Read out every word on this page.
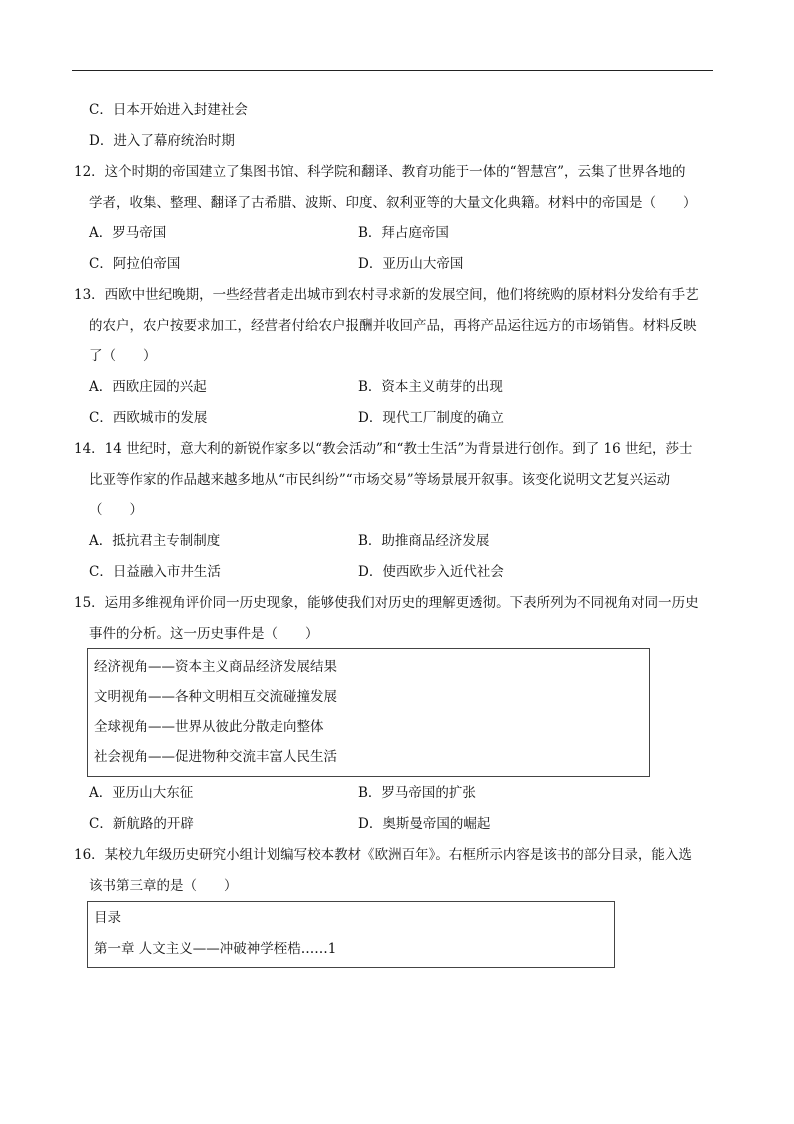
C．日本开始进入封建社会
D．进入了幕府统治时期
12．这个时期的帝国建立了集图书馆、科学院和翻译、教育功能于一体的“智慧宫”，云集了世界各地的
学者，收集、整理、翻译了古希腊、波斯、印度、叙利亚等的大量文化典籍。材料中的帝国是（　　）
A．罗马帝国	B．拜占庭帝国
C．阿拉伯帝国	D．亚历山大帝国
13．西欧中世纪晚期，一些经营者走出城市到农村寻求新的发展空间，他们将统购的原材料分发给有手艺
的农户，农户按要求加工，经营者付给农户报酬并收回产品，再将产品运往远方的市场销售。材料反映
了（　　）
A．西欧庄园的兴起	B．资本主义萌芽的出现
C．西欧城市的发展	D．现代工厂制度的确立
14．14 世纪时，意大利的新锐作家多以“教会活动”和“教士生活”为背景进行创作。到了 16 世纪，莎士
比亚等作家的作品越来越多地从“市民纠纷”“市场交易”等场景展开叙事。该变化说明文艺复兴运动
（　　）
A．抵抗君主专制制度	B．助推商品经济发展
C．日益融入市井生活	D．使西欧步入近代社会
15．运用多维视角评价同一历史现象，能够使我们对历史的理解更透彻。下表所列为不同视角对同一历史
事件的分析。这一历史事件是（　　）
经济视角——资本主义商品经济发展结果
文明视角——各种文明相互交流碰撞发展
全球视角——世界从彼此分散走向整体
社会视角——促进物种交流丰富人民生活
A．亚历山大东征	B．罗马帝国的扩张
C．新航路的开辟	D．奥斯曼帝国的崛起
16．某校九年级历史研究小组计划编写校本教材《欧洲百年》。右框所示内容是该书的部分目录，能入选
该书第三章的是（　　）
目录
第一章 人文主义——冲破神学桎梏……1
